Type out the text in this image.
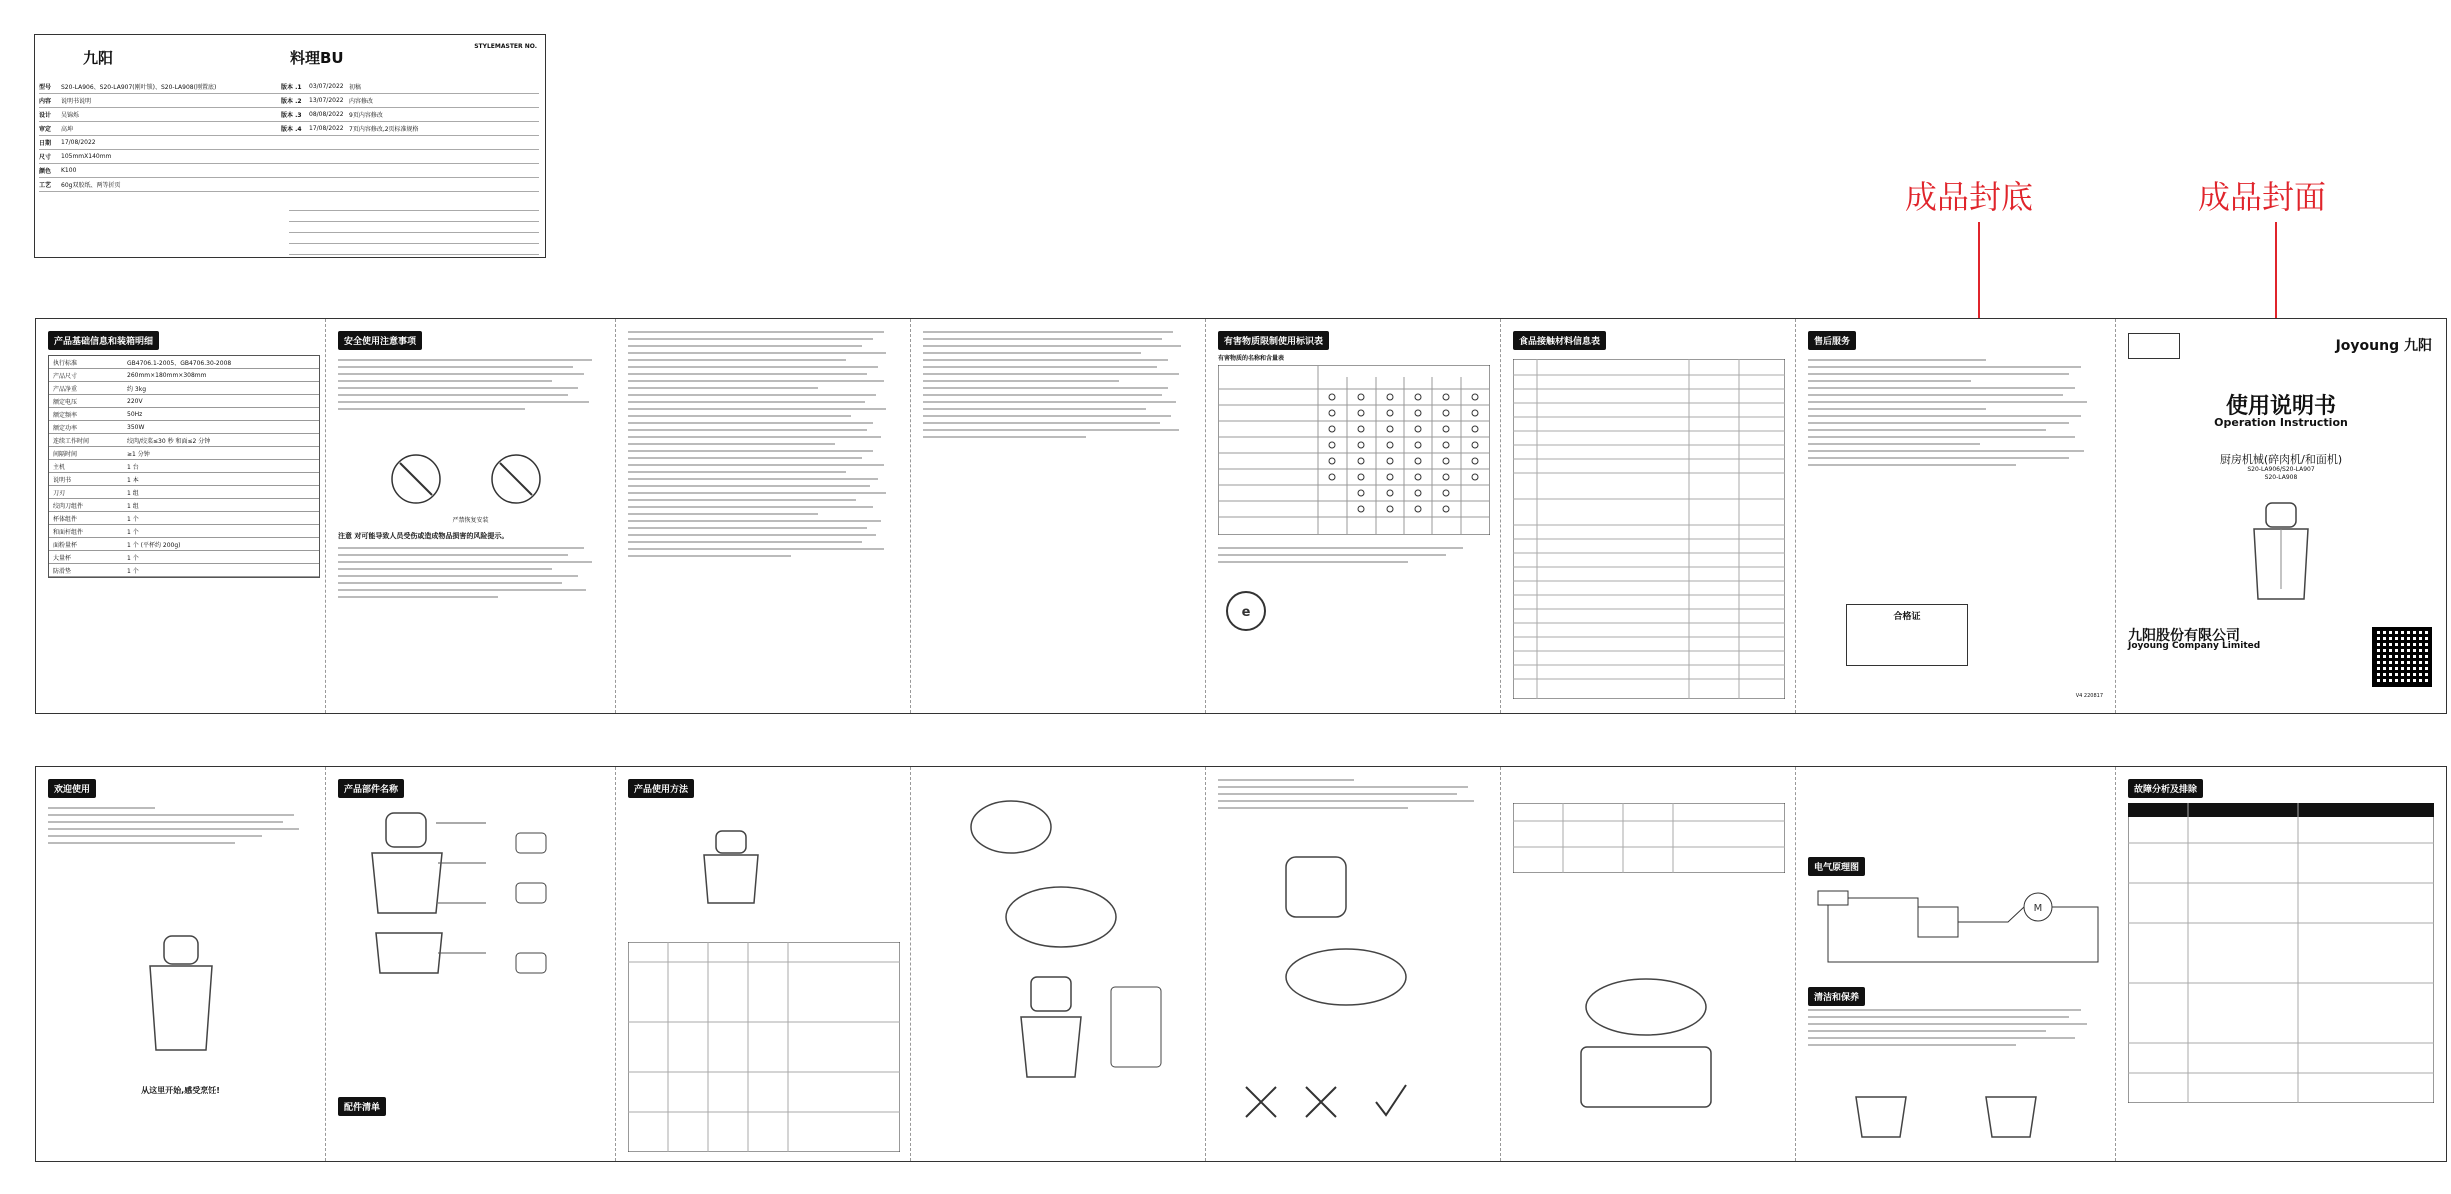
九阳	料理BU
STYLEMASTER NO.
型号	S20-LA906、S20-LA907(刚叶锁)、S20-LA908(刚置底)	版本 .1	03/07/2022 初稿
内容	说明书说明	版本 .2	13/07/2022 内容修改
设计	吴锦烁	版本 .3	08/08/2022 9页内容修改
审定	高坤	版本 .4	17/08/2022 7页内容修改,2页标准规格
日期	17/08/2022
尺寸	105mmX140mm
颜色	K100
工艺	60g双胶纸、两等折页	成品封底	成品封面
产品基础信息和装箱明细
执行标准	GB4706.1-2005、GB4706.30-2008
产品尺寸	260mm×180mm×308mm
产品净重	约 3kg
额定电压	220V
额定频率	50Hz
额定功率	350W
连续工作时间	绞肉/绞菜≤30 秒 和面≤2 分钟
间隔时间	≥1 分钟
主机	1 台
说明书	1 本
刀刃	1 组
绞肉刀组件	1 组
杯体组件	1 个
和面杆组件	1 个
面粉量杯	1 个 (平杯约 200g)
大量杯	1 个
防滑垫	1 个
安全使用注意事项
严禁恢复安装
注意 对可能导致人员受伤或造成物品损害的风险提示。
有害物质限制使用标识表
有害物质的名称和含量表
e
食品接触材料信息表	售后服务
合格证
V4 220817
Joyoung 九阳
使用说明书
Operation Instruction
厨房机械(碎肉机/和面机)
S20-LA906/S20-LA907
S20-LA908
九阳股份有限公司
Joyoung Company Limited
欢迎使用
从这里开始,感受烹饪!
产品部件名称
配件清单
产品使用方法
电气原理图
M
清洁和保养
故障分析及排除
